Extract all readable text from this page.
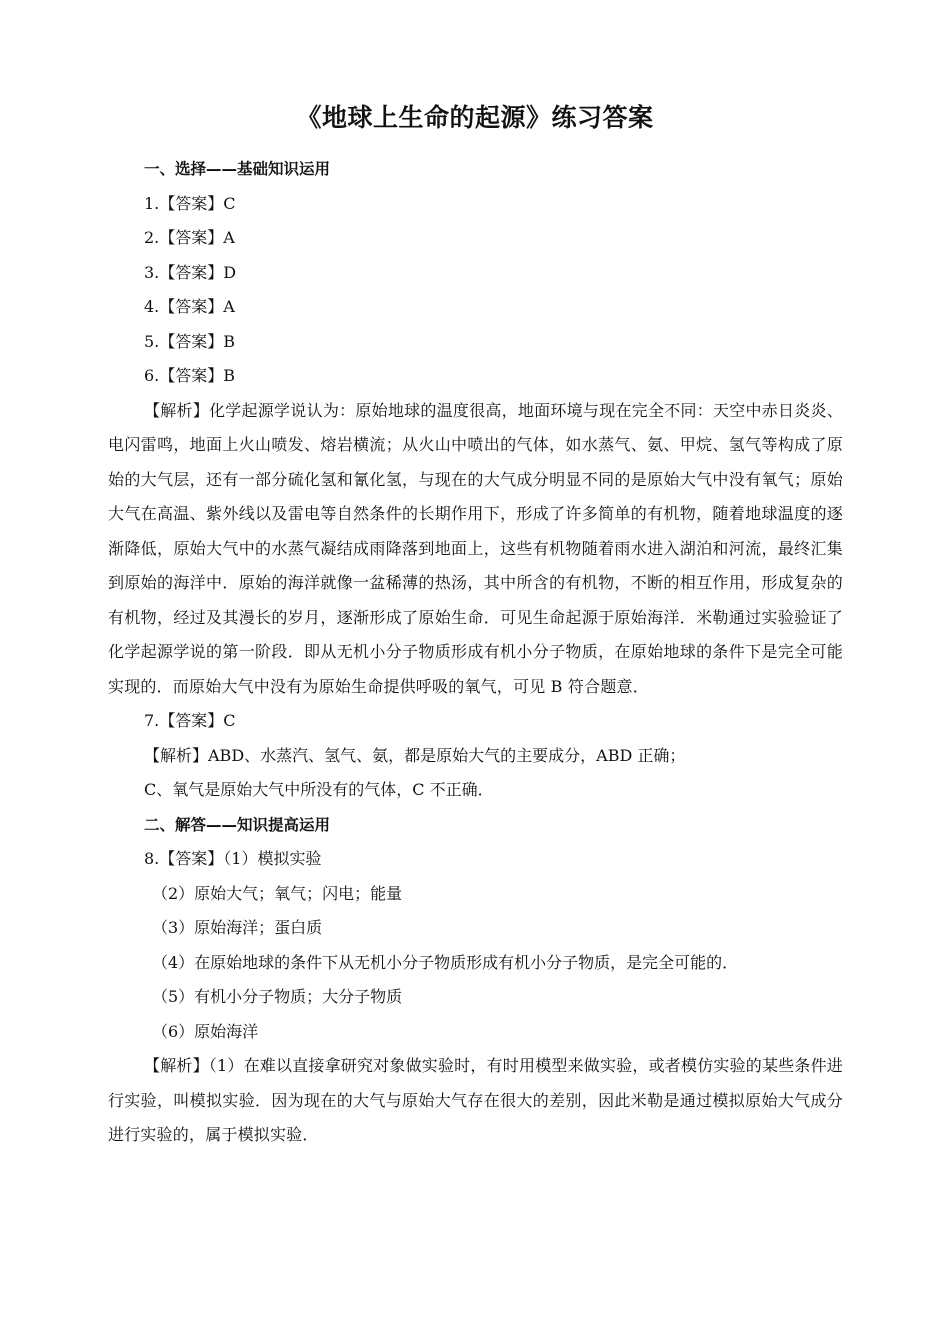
《地球上生命的起源》练习答案

一、选择——基础知识运用

1.【答案】C

2.【答案】A

3.【答案】D

4.【答案】A

5.【答案】B

6.【答案】B

【解析】化学起源学说认为：原始地球的温度很高，地面环境与现在完全不同：天空中赤日炎炎、电闪雷鸣，地面上火山喷发、熔岩横流；从火山中喷出的气体，如水蒸气、氨、甲烷、氢气等构成了原始的大气层，还有一部分硫化氢和氰化氢，与现在的大气成分明显不同的是原始大气中没有氧气；原始大气在高温、紫外线以及雷电等自然条件的长期作用下，形成了许多简单的有机物，随着地球温度的逐渐降低，原始大气中的水蒸气凝结成雨降落到地面上，这些有机物随着雨水进入湖泊和河流，最终汇集到原始的海洋中．原始的海洋就像一盆稀薄的热汤，其中所含的有机物，不断的相互作用，形成复杂的有机物，经过及其漫长的岁月，逐渐形成了原始生命．可见生命起源于原始海洋．米勒通过实验验证了化学起源学说的第一阶段．即从无机小分子物质形成有机小分子物质，在原始地球的条件下是完全可能实现的．而原始大气中没有为原始生命提供呼吸的氧气，可见 B 符合题意．

7.【答案】C

【解析】ABD、水蒸汽、氢气、氨，都是原始大气的主要成分，ABD 正确；

C、氧气是原始大气中所没有的气体，C 不正确．

二、解答——知识提高运用

8.【答案】（1）模拟实验

（2）原始大气；氧气；闪电；能量

（3）原始海洋；蛋白质

（4）在原始地球的条件下从无机小分子物质形成有机小分子物质，是完全可能的．

（5）有机小分子物质；大分子物质

（6）原始海洋

【解析】（1）在难以直接拿研究对象做实验时，有时用模型来做实验，或者模仿实验的某些条件进行实验，叫模拟实验．因为现在的大气与原始大气存在很大的差别，因此米勒是通过模拟原始大气成分进行实验的，属于模拟实验．
